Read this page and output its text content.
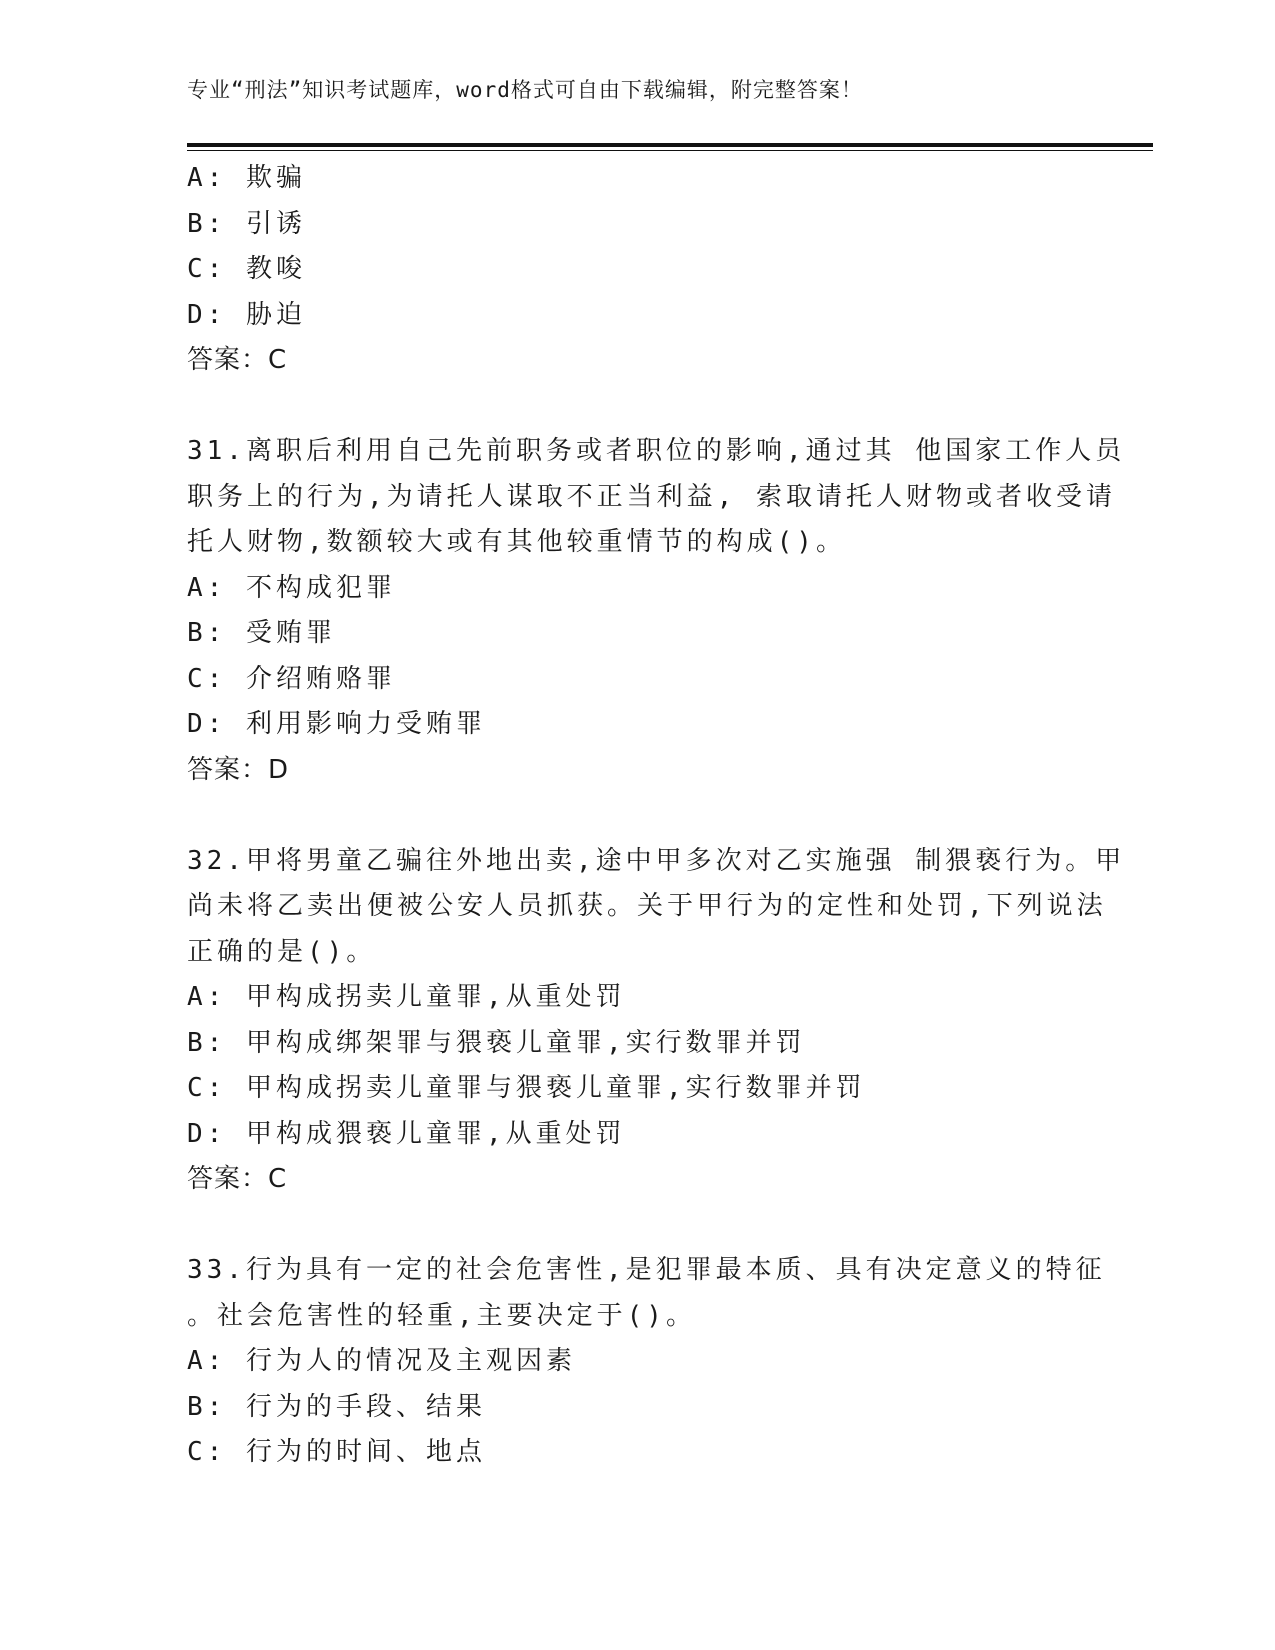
专业“刑法”知识考试题库，word格式可自由下载编辑，附完整答案！
A: 欺骗
B: 引诱
C: 教唆
D: 胁迫
答案：C
31.离职后利用自己先前职务或者职位的影响,通过其 他国家工作人员
职务上的行为,为请托人谋取不正当利益, 索取请托人财物或者收受请
托人财物,数额较大或有其他较重情节的构成()。
A: 不构成犯罪
B: 受贿罪
C: 介绍贿赂罪
D: 利用影响力受贿罪
答案：D
32.甲将男童乙骗往外地出卖,途中甲多次对乙实施强 制猥亵行为。甲
尚未将乙卖出便被公安人员抓获。关于甲行为的定性和处罚,下列说法
正确的是()。
A: 甲构成拐卖儿童罪,从重处罚
B: 甲构成绑架罪与猥亵儿童罪,实行数罪并罚
C: 甲构成拐卖儿童罪与猥亵儿童罪,实行数罪并罚
D: 甲构成猥亵儿童罪,从重处罚
答案：C
33.行为具有一定的社会危害性,是犯罪最本质、具有决定意义的特征
。社会危害性的轻重,主要决定于()。
A: 行为人的情况及主观因素
B: 行为的手段、结果
C: 行为的时间、地点
